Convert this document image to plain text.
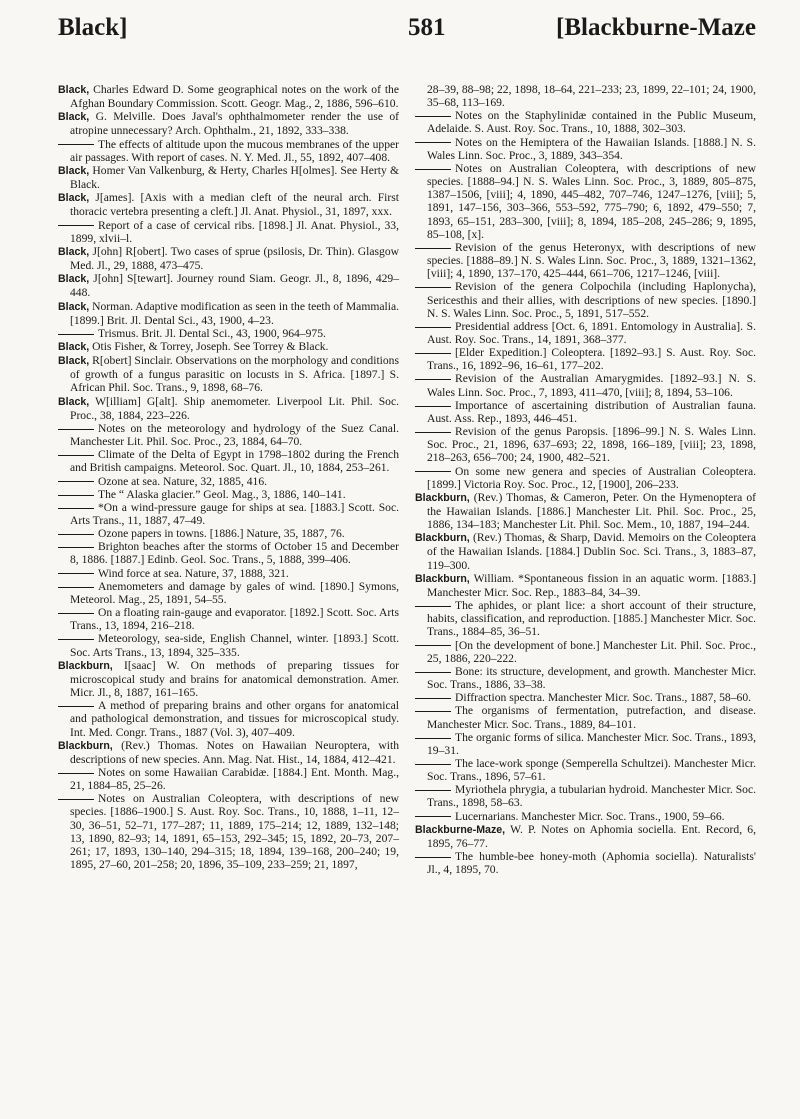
Black]	581	[Blackburne-Maze

Black, Charles Edward D. Some geographical notes on the work of the Afghan Boundary Commission. Scott. Geogr. Mag., 2, 1886, 596–610.

Black, G. Melville. Does Javal's ophthalmometer render the use of atropine unnecessary? Arch. Ophthalm., 21, 1892, 333–338.

The effects of altitude upon the mucous membranes of the upper air passages. With report of cases. N. Y. Med. Jl., 55, 1892, 407–408.

Black, Homer Van Valkenburg, & Herty, Charles H[olmes]. See Herty & Black.

Black, J[ames]. [Axis with a median cleft of the neural arch. First thoracic vertebra presenting a cleft.] Jl. Anat. Physiol., 31, 1897, xxx.

Report of a case of cervical ribs. [1898.] Jl. Anat. Physiol., 33, 1899, xlvii–l.

Black, J[ohn] R[obert]. Two cases of sprue (psilosis, Dr. Thin). Glasgow Med. Jl., 29, 1888, 473–475.

Black, J[ohn] S[tewart]. Journey round Siam. Geogr. Jl., 8, 1896, 429–448.

Black, Norman. Adaptive modification as seen in the teeth of Mammalia. [1899.] Brit. Jl. Dental Sci., 43, 1900, 4–23.

Trismus. Brit. Jl. Dental Sci., 43, 1900, 964–975.

Black, Otis Fisher, & Torrey, Joseph. See Torrey & Black.

Black, R[obert] Sinclair. Observations on the morphology and conditions of growth of a fungus parasitic on locusts in S. Africa. [1897.] S. African Phil. Soc. Trans., 9, 1898, 68–76.

Black, W[illiam] G[alt]. Ship anemometer. Liverpool Lit. Phil. Soc. Proc., 38, 1884, 223–226.

Notes on the meteorology and hydrology of the Suez Canal. Manchester Lit. Phil. Soc. Proc., 23, 1884, 64–70.

Climate of the Delta of Egypt in 1798–1802 during the French and British campaigns. Meteorol. Soc. Quart. Jl., 10, 1884, 253–261.

Ozone at sea. Nature, 32, 1885, 416.

The “ Alaska glacier.” Geol. Mag., 3, 1886, 140–141.

*On a wind-pressure gauge for ships at sea. [1883.] Scott. Soc. Arts Trans., 11, 1887, 47–49.

Ozone papers in towns. [1886.] Nature, 35, 1887, 76.

Brighton beaches after the storms of October 15 and December 8, 1886. [1887.] Edinb. Geol. Soc. Trans., 5, 1888, 399–406.

Wind force at sea. Nature, 37, 1888, 321.

Anemometers and damage by gales of wind. [1890.] Symons, Meteorol. Mag., 25, 1891, 54–55.

On a floating rain-gauge and evaporator. [1892.] Scott. Soc. Arts Trans., 13, 1894, 216–218.

Meteorology, sea-side, English Channel, winter. [1893.] Scott. Soc. Arts Trans., 13, 1894, 325–335.

Blackburn, I[saac] W. On methods of preparing tissues for microscopical study and brains for anatomical demonstration. Amer. Micr. Jl., 8, 1887, 161–165.

A method of preparing brains and other organs for anatomical and pathological demonstration, and tissues for microscopical study. Int. Med. Congr. Trans., 1887 (Vol. 3), 407–409.

Blackburn, (Rev.) Thomas. Notes on Hawaiian Neuroptera, with descriptions of new species. Ann. Mag. Nat. Hist., 14, 1884, 412–421.

Notes on some Hawaiian Carabidæ. [1884.] Ent. Month. Mag., 21, 1884–85, 25–26.

Notes on Australian Coleoptera, with descriptions of new species. [1886–1900.] S. Aust. Roy. Soc. Trans., 10, 1888, 1–11, 12–30, 36–51, 52–71, 177–287; 11, 1889, 175–214; 12, 1889, 132–148; 13, 1890, 82–93; 14, 1891, 65–153, 292–345; 15, 1892, 20–73, 207–261; 17, 1893, 130–140, 294–315; 18, 1894, 139–168, 200–240; 19, 1895, 27–60, 201–258; 20, 1896, 35–109, 233–259; 21, 1897,

28–39, 88–98; 22, 1898, 18–64, 221–233; 23, 1899, 22–101; 24, 1900, 35–68, 113–169.

Notes on the Staphylinidæ contained in the Public Museum, Adelaide. S. Aust. Roy. Soc. Trans., 10, 1888, 302–303.

Notes on the Hemiptera of the Hawaiian Islands. [1888.] N. S. Wales Linn. Soc. Proc., 3, 1889, 343–354.

Notes on Australian Coleoptera, with descriptions of new species. [1888–94.] N. S. Wales Linn. Soc. Proc., 3, 1889, 805–875, 1387–1506, [viii]; 4, 1890, 445–482, 707–746, 1247–1276, [viii]; 5, 1891, 147–156, 303–366, 553–592, 775–790; 6, 1892, 479–550; 7, 1893, 65–151, 283–300, [viii]; 8, 1894, 185–208, 245–286; 9, 1895, 85–108, [x].

Revision of the genus Heteronyx, with descriptions of new species. [1888–89.] N. S. Wales Linn. Soc. Proc., 3, 1889, 1321–1362, [viii]; 4, 1890, 137–170, 425–444, 661–706, 1217–1246, [viii].

Revision of the genera Colpochila (including Haplonycha), Sericesthis and their allies, with descriptions of new species. [1890.] N. S. Wales Linn. Soc. Proc., 5, 1891, 517–552.

Presidential address [Oct. 6, 1891. Entomology in Australia]. S. Aust. Roy. Soc. Trans., 14, 1891, 368–377.

[Elder Expedition.] Coleoptera. [1892–93.] S. Aust. Roy. Soc. Trans., 16, 1892–96, 16–61, 177–202.

Revision of the Australian Amarygmides. [1892–93.] N. S. Wales Linn. Soc. Proc., 7, 1893, 411–470, [viii]; 8, 1894, 53–106.

Importance of ascertaining distribution of Australian fauna. Aust. Ass. Rep., 1893, 446–451.

Revision of the genus Paropsis. [1896–99.] N. S. Wales Linn. Soc. Proc., 21, 1896, 637–693; 22, 1898, 166–189, [viii]; 23, 1898, 218–263, 656–700; 24, 1900, 482–521.

On some new genera and species of Australian Coleoptera. [1899.] Victoria Roy. Soc. Proc., 12, [1900], 206–233.

Blackburn, (Rev.) Thomas, & Cameron, Peter. On the Hymenoptera of the Hawaiian Islands. [1886.] Manchester Lit. Phil. Soc. Proc., 25, 1886, 134–183; Manchester Lit. Phil. Soc. Mem., 10, 1887, 194–244.

Blackburn, (Rev.) Thomas, & Sharp, David. Memoirs on the Coleoptera of the Hawaiian Islands. [1884.] Dublin Soc. Sci. Trans., 3, 1883–87, 119–300.

Blackburn, William. *Spontaneous fission in an aquatic worm. [1883.] Manchester Micr. Soc. Rep., 1883–84, 34–39.

The aphides, or plant lice: a short account of their structure, habits, classification, and reproduction. [1885.] Manchester Micr. Soc. Trans., 1884–85, 36–51.

[On the development of bone.] Manchester Lit. Phil. Soc. Proc., 25, 1886, 220–222.

Bone: its structure, development, and growth. Manchester Micr. Soc. Trans., 1886, 33–38.

Diffraction spectra. Manchester Micr. Soc. Trans., 1887, 58–60.

The organisms of fermentation, putrefaction, and disease. Manchester Micr. Soc. Trans., 1889, 84–101.

The organic forms of silica. Manchester Micr. Soc. Trans., 1893, 19–31.

The lace-work sponge (Semperella Schultzei). Manchester Micr. Soc. Trans., 1896, 57–61.

Myriothela phrygia, a tubularian hydroid. Manchester Micr. Soc. Trans., 1898, 58–63.

Lucernarians. Manchester Micr. Soc. Trans., 1900, 59–66.

Blackburne-Maze, W. P. Notes on Aphomia sociella. Ent. Record, 6, 1895, 76–77.

The humble-bee honey-moth (Aphomia sociella). Naturalists' Jl., 4, 1895, 70.
